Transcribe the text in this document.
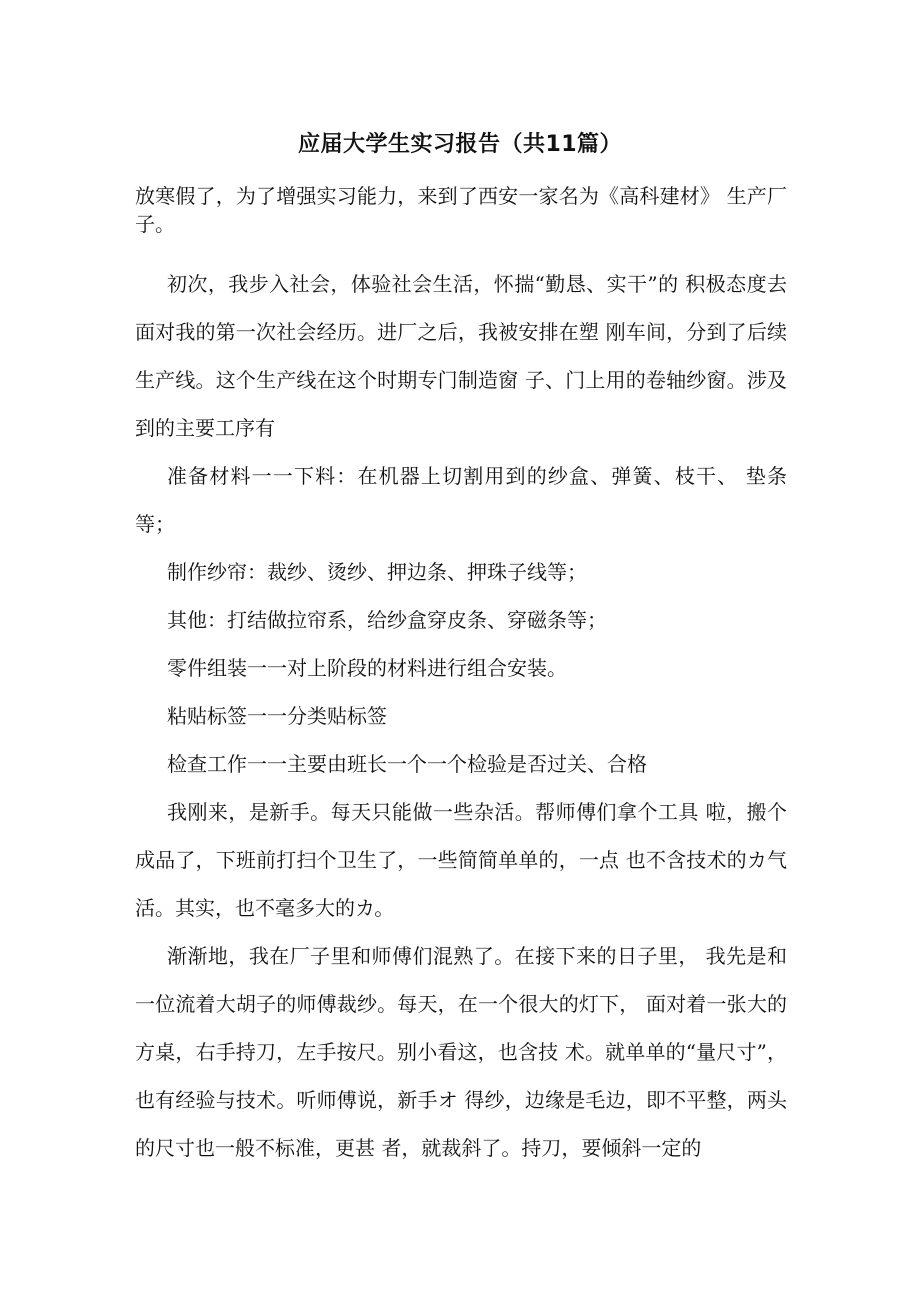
应届大学生实习报告（共11篇）

放寒假了，为了增强实习能力，来到了西安一家名为《高科建材》 生产厂子。

初次，我步入社会，体验社会生活，怀揣“勤恳、实干”的 积极态度去面对我的第一次社会经历。进厂之后，我被安排在塑 刚车间，分到了后续生产线。这个生产线在这个时期专门制造窗 子、门上用的卷轴纱窗。涉及到的主要工序有

准备材料一一下料：在机器上切割用到的纱盒、弹簧、枝干、 垫条等；

制作纱帘：裁纱、烫纱、押边条、押珠子线等；

其他：打结做拉帘系，给纱盒穿皮条、穿磁条等；

零件组装一一对上阶段的材料进行组合安装。

粘贴标签一一分类贴标签

检查工作一一主要由班长一个一个检验是否过关、合格

我刚来，是新手。每天只能做一些杂活。帮师傅们拿个工具 啦，搬个成品了，下班前打扫个卫生了，一些简简单单的，一点 也不含技术的カ气活。其实，也不毫多大的カ。

渐渐地，我在厂子里和师傅们混熟了。在接下来的日子里， 我先是和一位流着大胡子的师傅裁纱。每天，在一个很大的灯下， 面对着一张大的方桌，右手持刀，左手按尺。别小看这，也含技 术。就单单的“量尺寸”，也有经验与技术。听师傅说，新手オ 得纱，边缘是毛边，即不平整，两头的尺寸也一般不标准，更甚 者，就裁斜了。持刀，要倾斜一定的
